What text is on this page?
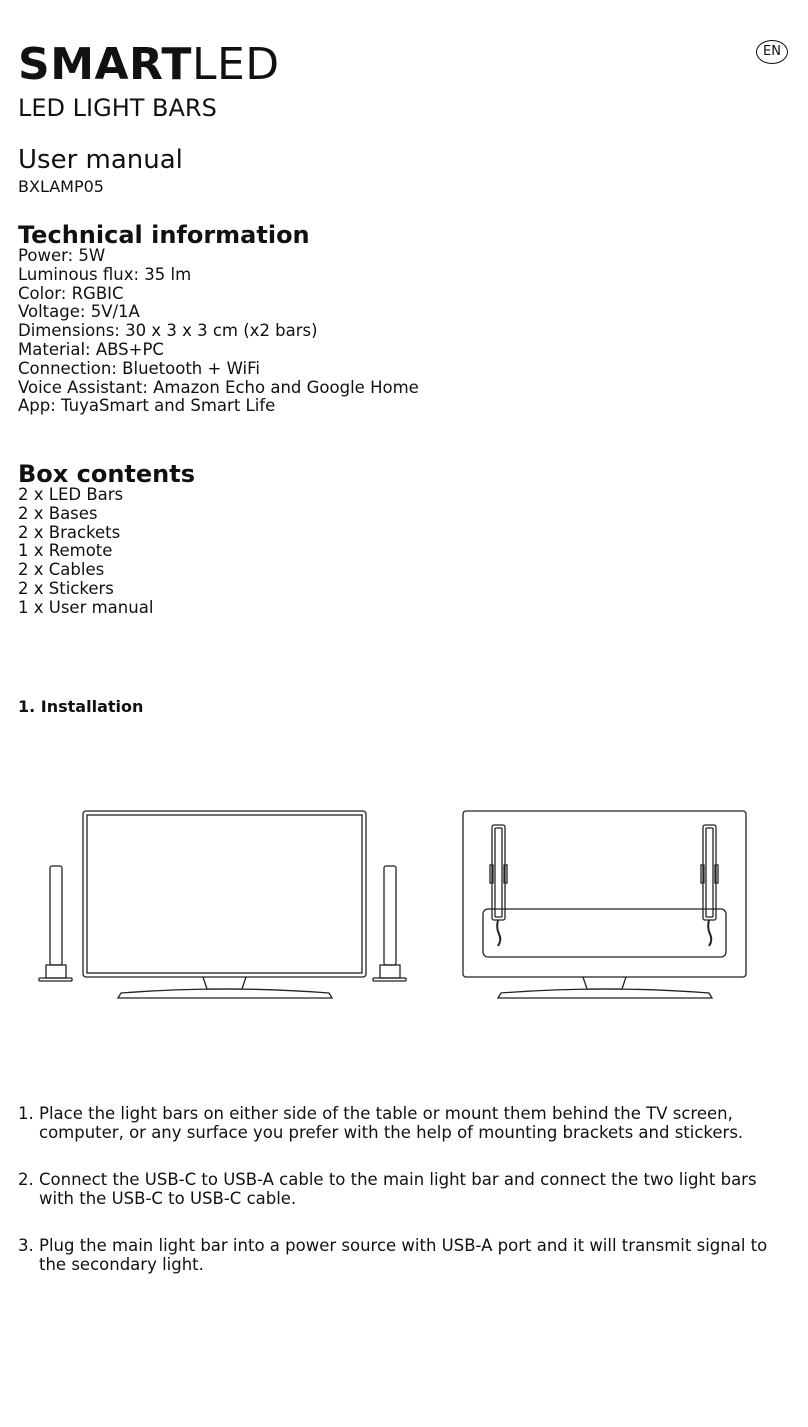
SMARTLED	EN
LED LIGHT BARS
User manual
BXLAMP05
Technical information
Power: 5W
Luminous flux: 35 lm
Color: RGBIC
Voltage: 5V/1A
Dimensions: 30 x 3 x 3 cm (x2 bars)
Material: ABS+PC
Connection: Bluetooth + WiFi
Voice Assistant: Amazon Echo and Google Home
App: TuyaSmart and Smart Life
Box contents
2 x LED Bars
2 x Bases
2 x Brackets
1 x Remote
2 x Cables
2 x Stickers
1 x User manual
1. Installation
1. Place the light bars on either side of the table or mount them behind the TV screen, computer, or any surface you prefer with the help of mounting brackets and stickers.
2. Connect the USB-C to USB-A cable to the main light bar and connect the two light bars with the USB-C to USB-C cable.
3. Plug the main light bar into a power source with USB-A port and it will transmit signal to the secondary light.
